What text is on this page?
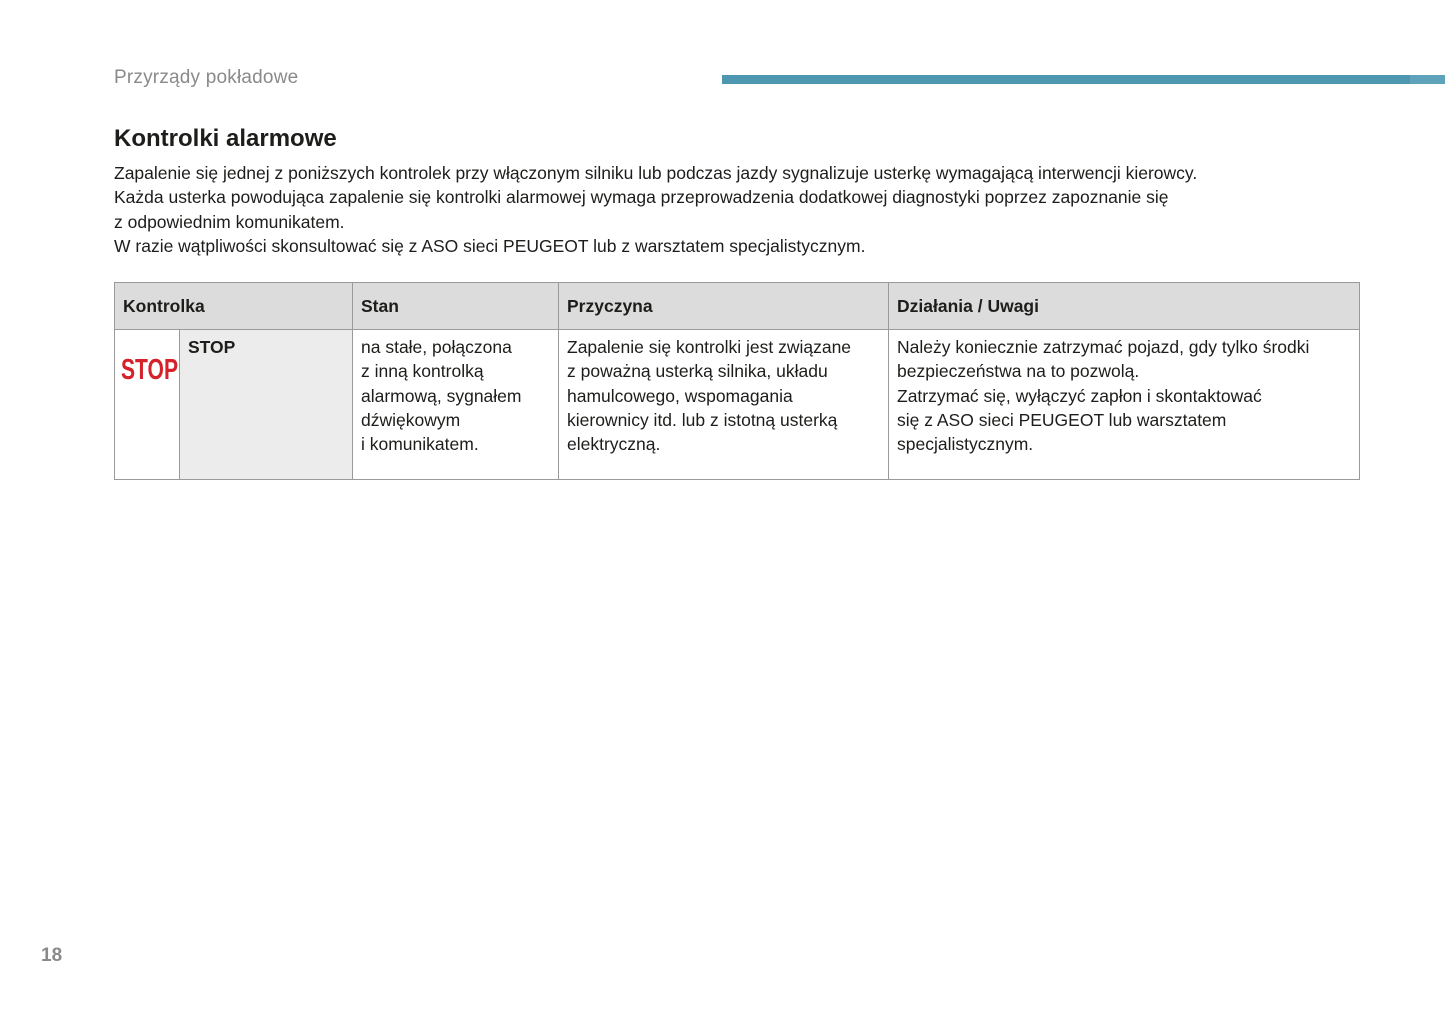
Przyrządy pokładowe
Kontrolki alarmowe

Zapalenie się jednej z poniższych kontrolek przy włączonym silniku lub podczas jazdy sygnalizuje usterkę wymagającą interwencji kierowcy.

Każda usterka powodująca zapalenie się kontrolki alarmowej wymaga przeprowadzenia dodatkowej diagnostyki poprzez zapoznanie się
z odpowiednim komunikatem.

W razie wątpliwości skonsultować się z ASO sieci PEUGEOT lub z warsztatem specjalistycznym.

Kontrolka		Stan	Przyczyna	Działania / Uwagi

STOP	STOP	na stałe, połączona
z inną kontrolką
alarmową, sygnałem
dźwiękowym
i komunikatem.	Zapalenie się kontrolki jest związane
z poważną usterką silnika, układu
hamulcowego, wspomagania
kierownicy itd. lub z istotną usterką
elektryczną.	Należy koniecznie zatrzymać pojazd, gdy tylko środki
bezpieczeństwa na to pozwolą.
Zatrzymać się, wyłączyć zapłon i skontaktować
się z ASO sieci PEUGEOT lub warsztatem
specjalistycznym.
18
